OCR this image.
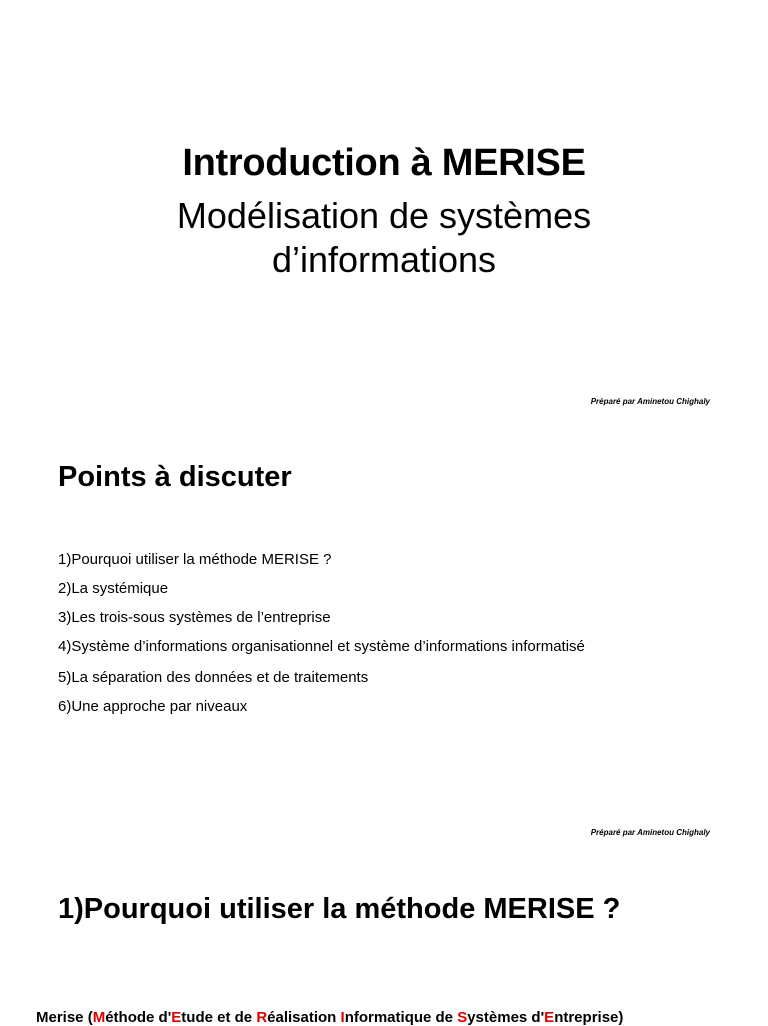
Introduction à MERISE
Modélisation de systèmes
d’informations
Préparé par Aminetou Chighaly
Points à discuter
1)Pourquoi utiliser la méthode MERISE ?
2)La systémique
3)Les trois-sous systèmes de l’entreprise
4)Système d’informations organisationnel et système d’informations informatisé
5)La séparation des données et de traitements
6)Une approche par niveaux
Préparé par Aminetou Chighaly
1)Pourquoi utiliser la méthode MERISE ?
Merise (Méthode d'Etude et de Réalisation Informatique de Systèmes d'Entreprise)
